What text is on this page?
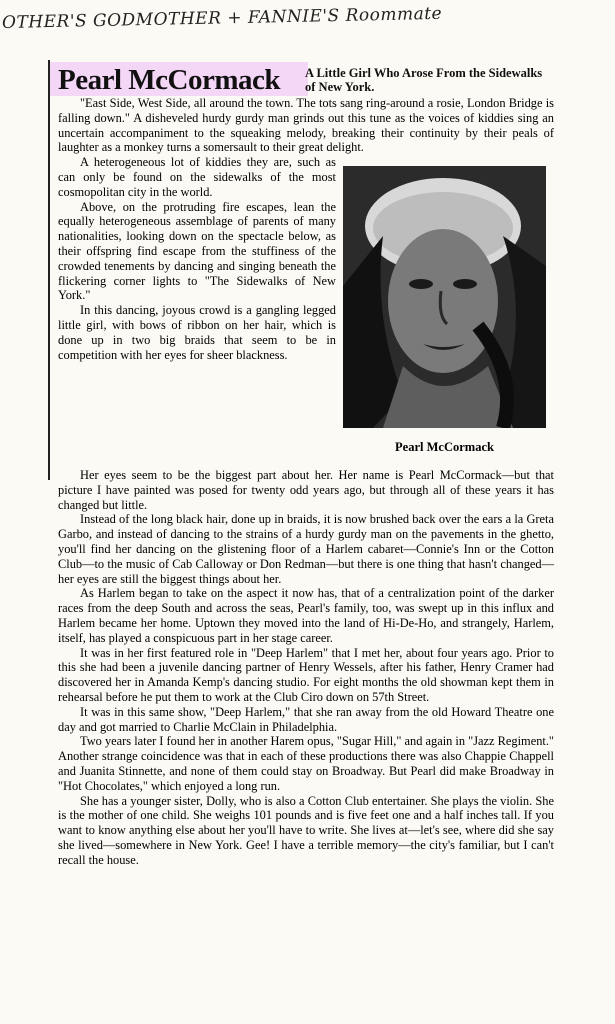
OTHER'S GODMOTHER + FANNIE'S Roommate
Pearl McCormack A Little Girl Who Arose From the Sidewalks of New York.

"East Side, West Side, all around the town. The tots sang ring-around a rosie, London Bridge is falling down." A disheveled hurdy gurdy man grinds out this tune as the voices of kiddies sing an uncertain accompaniment to the squeaking melody, breaking their continuity by their peals of laughter as a monkey turns a somersault to their great delight.

A heterogeneous lot of kiddies they are, such as can only be found on the sidewalks of the most cosmopolitan city in the world.

Above, on the protruding fire escapes, lean the equally heterogeneous assemblage of parents of many nationalities, looking down on the spectacle below, as their offspring find escape from the stuffiness of the crowded tenements by dancing and singing beneath the flickering corner lights to "The Sidewalks of New York."

In this dancing, joyous crowd is a gangling legged little girl, with bows of ribbon on her hair, which is done up in two big braids that seem to be in competition with her eyes for sheer blackness.

Pearl McCormack

Her eyes seem to be the biggest part about her. Her name is Pearl McCormack—but that picture I have painted was posed for twenty odd years ago, but through all of these years it has changed but little.

Instead of the long black hair, done up in braids, it is now brushed back over the ears a la Greta Garbo, and instead of dancing to the strains of a hurdy gurdy man on the pavements in the ghetto, you'll find her dancing on the glistening floor of a Harlem cabaret—Connie's Inn or the Cotton Club—to the music of Cab Calloway or Don Redman—but there is one thing that hasn't changed—her eyes are still the biggest things about her.

As Harlem began to take on the aspect it now has, that of a centralization point of the darker races from the deep South and across the seas, Pearl's family, too, was swept up in this influx and Harlem became her home. Uptown they moved into the land of Hi-De-Ho, and strangely, Harlem, itself, has played a conspicuous part in her stage career.

It was in her first featured role in "Deep Harlem" that I met her, about four years ago. Prior to this she had been a juvenile dancing partner of Henry Wessels, after his father, Henry Cramer had discovered her in Amanda Kemp's dancing studio. For eight months the old showman kept them in rehearsal before he put them to work at the Club Ciro down on 57th Street.

It was in this same show, "Deep Harlem," that she ran away from the old Howard Theatre one day and got married to Charlie McClain in Philadelphia.

Two years later I found her in another Harem opus, "Sugar Hill," and again in "Jazz Regiment." Another strange coincidence was that in each of these productions there was also Chappie Chappell and Juanita Stinnette, and none of them could stay on Broadway. But Pearl did make Broadway in "Hot Chocolates," which enjoyed a long run.

She has a younger sister, Dolly, who is also a Cotton Club entertainer. She plays the violin. She is the mother of one child. She weighs 101 pounds and is five feet one and a half inches tall. If you want to know anything else about her you'll have to write. She lives at—let's see, where did she say she lived—somewhere in New York. Gee! I have a terrible memory—the city's familiar, but I can't recall the house.
